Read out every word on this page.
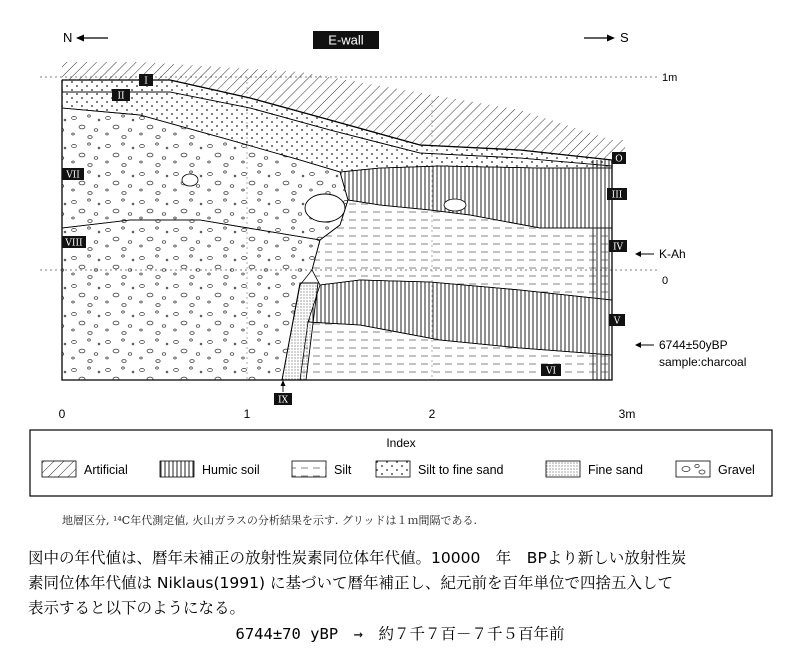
N	E-wall	S
I
II
O
III
IV
V
VI
VII
VIII
IX
1m
0
K-Ah
6744±50yBP
sample:charcoal
0	1	2	3m
Index
Artificial	Humic soil	Silt	Silt to fine sand	Fine sand	Gravel
地層区分, ¹⁴C年代測定値, 火山ガラスの分析結果を示す. グリッドは１ｍ間隔である.

図中の年代値は、暦年未補正の放射性炭素同位体年代値。10000　年　BPより新しい放射性炭

素同位体年代値は Niklaus(1991) に基づいて暦年補正し、紀元前を百年単位で四捨五入して

表示すると以下のようになる。

6744±70 yBP　→　約７千７百－７千５百年前
